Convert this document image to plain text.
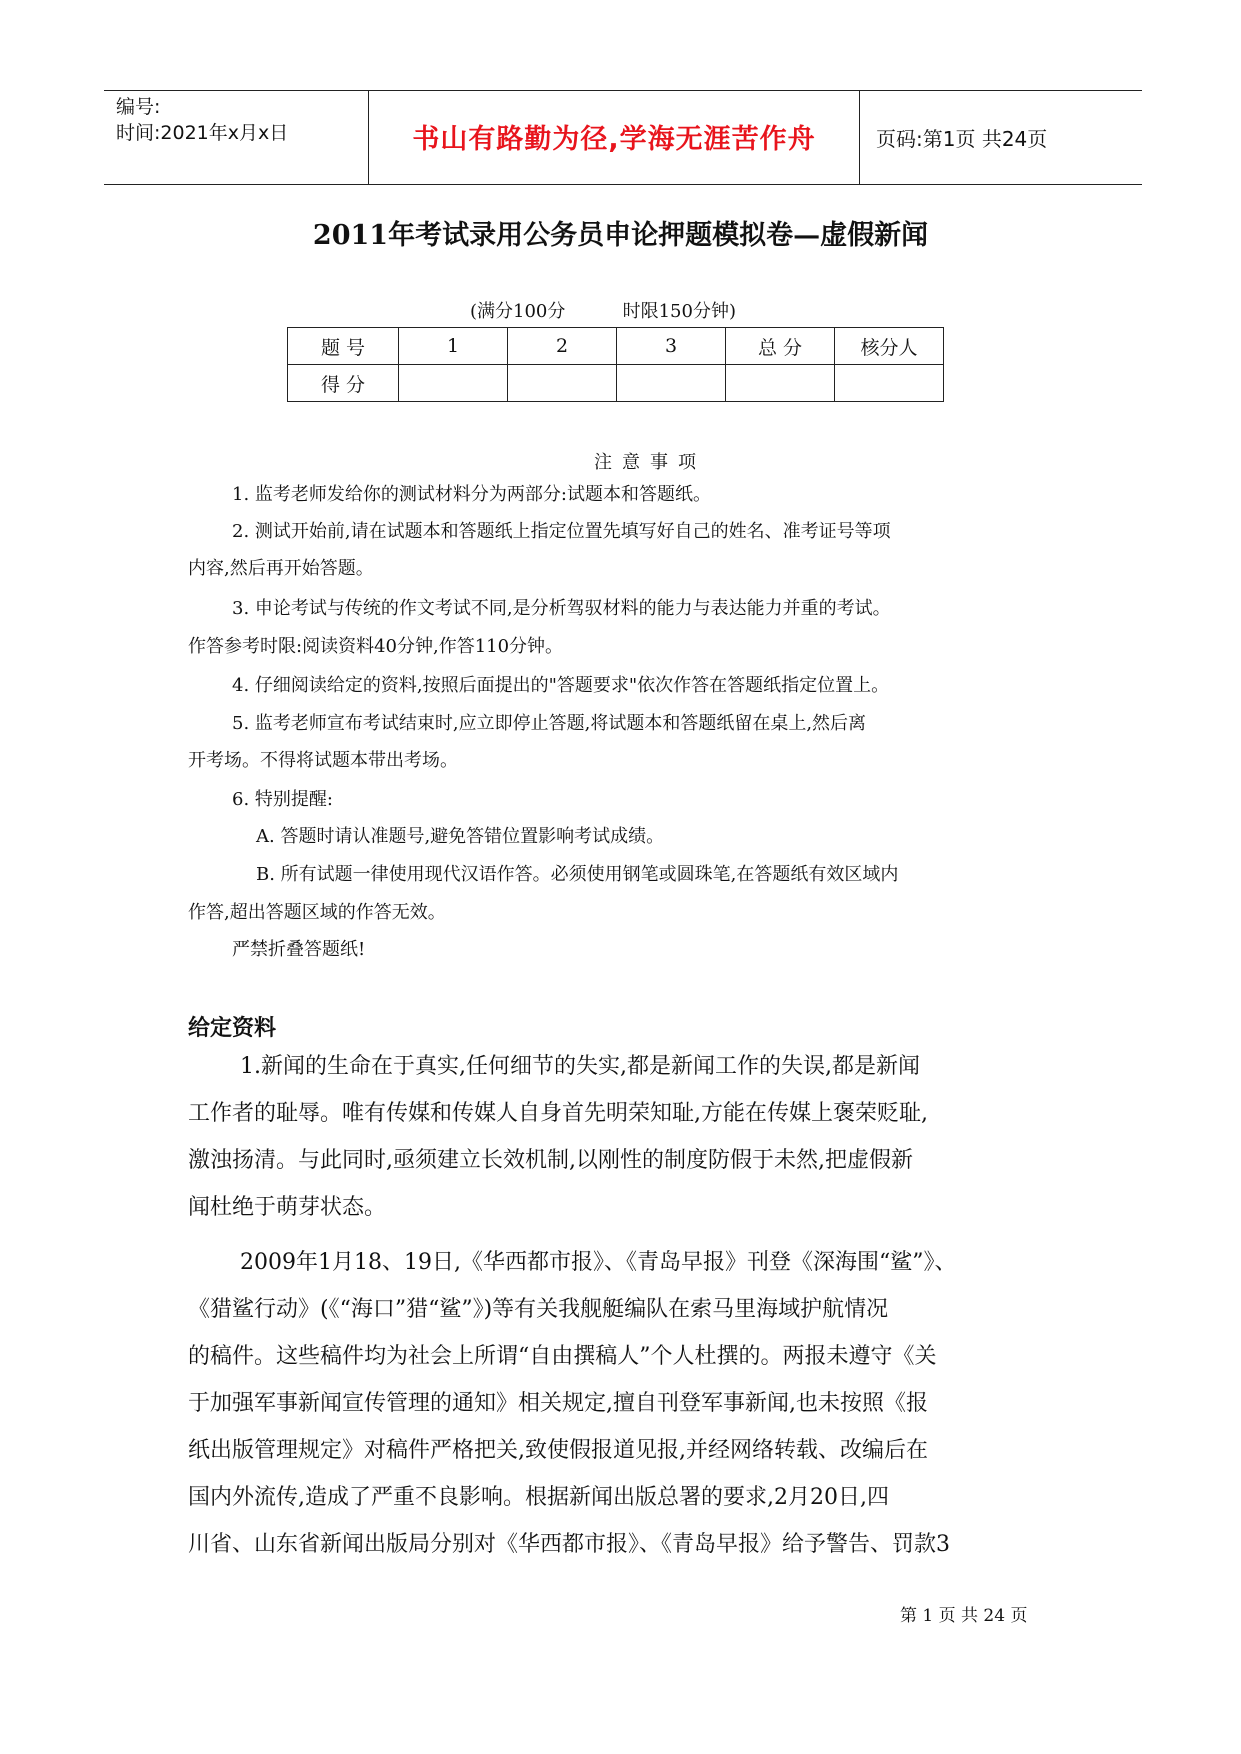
编号:
时间:2021年x月x日	书山有路勤为径,学海无涯苦作舟	页码:第1页 共24页
2011年考试录用公务员申论押题模拟卷—虚假新闻
(满分100分          时限150分钟)
题 号	1	2	3	总 分	核分人
得 分					
注意事项
1. 监考老师发给你的测试材料分为两部分:试题本和答题纸。
2. 测试开始前,请在试题本和答题纸上指定位置先填写好自己的姓名、准考证号等项
内容,然后再开始答题。
3. 申论考试与传统的作文考试不同,是分析驾驭材料的能力与表达能力并重的考试。
作答参考时限:阅读资料40分钟,作答110分钟。
4. 仔细阅读给定的资料,按照后面提出的"答题要求"依次作答在答题纸指定位置上。
5. 监考老师宣布考试结束时,应立即停止答题,将试题本和答题纸留在桌上,然后离
开考场。不得将试题本带出考场。
6. 特别提醒:
A. 答题时请认准题号,避免答错位置影响考试成绩。
B. 所有试题一律使用现代汉语作答。必须使用钢笔或圆珠笔,在答题纸有效区域内
作答,超出答题区域的作答无效。
严禁折叠答题纸!
给定资料
1.新闻的生命在于真实,任何细节的失实,都是新闻工作的失误,都是新闻
工作者的耻辱。唯有传媒和传媒人自身首先明荣知耻,方能在传媒上褒荣贬耻,
激浊扬清。与此同时,亟须建立长效机制,以刚性的制度防假于未然,把虚假新
闻杜绝于萌芽状态。
2009年1月18、19日,《华西都市报》、《青岛早报》刊登《深海围“鲨”》、
《猎鲨行动》(《“海口”猎“鲨”》)等有关我舰艇编队在索马里海域护航情况
的稿件。这些稿件均为社会上所谓“自由撰稿人”个人杜撰的。两报未遵守《关
于加强军事新闻宣传管理的通知》相关规定,擅自刊登军事新闻,也未按照《报
纸出版管理规定》对稿件严格把关,致使假报道见报,并经网络转载、改编后在
国内外流传,造成了严重不良影响。根据新闻出版总署的要求,2月20日,四
川省、山东省新闻出版局分别对《华西都市报》、《青岛早报》给予警告、罚款3
第 1 页 共 24 页
